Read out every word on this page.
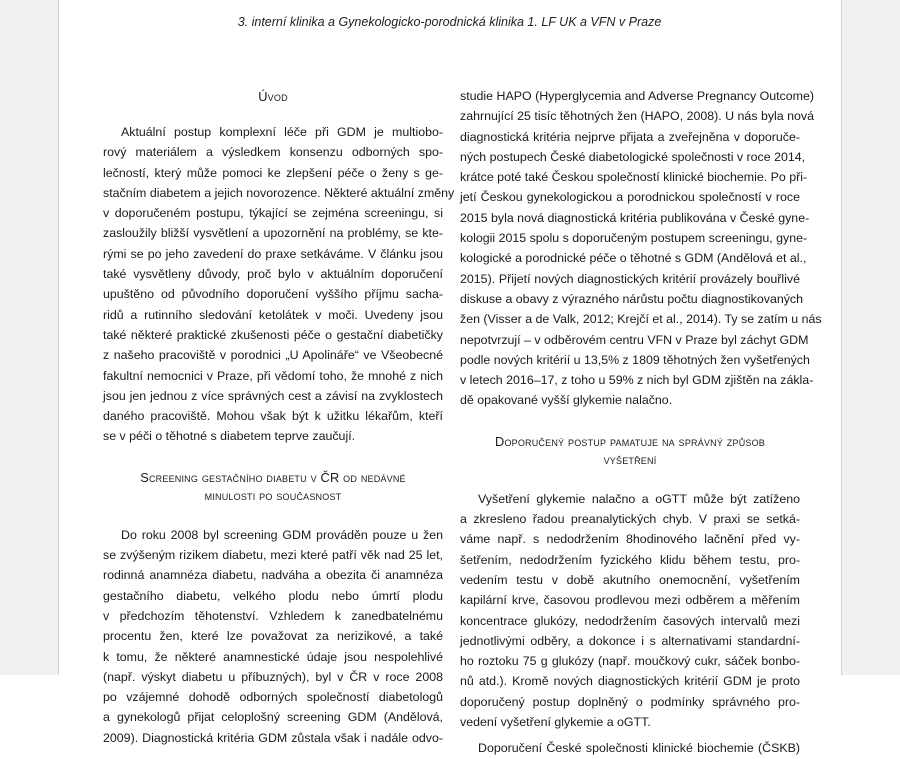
3. interní klinika a Gynekologicko-porodnická klinika 1. LF UK a VFN v Praze

Úvod

Aktuální postup komplexní léče při GDM je multiobo-
rový materiálem a výsledkem konsenzu odborných spo-
lečností, který může pomoci ke zlepšení péče o ženy s ge-
stačním diabetem a jejich novorozence. Některé aktuální změny
v doporučeném postupu, týkající se zejména screeningu, si
zasloužily bližší vysvětlení a upozornění na problémy, se kte-
rými se po jeho zavedení do praxe setkáváme. V článku jsou
také vysvětleny důvody, proč bylo v aktuálním doporučení
upuštěno od původního doporučení vyššího příjmu sacha-
ridů a rutinního sledování ketolátek v moči. Uvedeny jsou
také některé praktické zkušenosti péče o gestační diabetičky
z našeho pracoviště v porodnici „U Apolináře“ ve Všeobecné
fakultní nemocnici v Praze, při vědomí toho, že mnohé z nich
jsou jen jednou z více správných cest a závisí na zvyklostech
daného pracoviště. Mohou však být k užitku lékařům, kteří
se v péči o těhotné s diabetem teprve zaučují.

Screening gestačního diabetu v ČR od nedávné
minulosti po současnost

Do roku 2008 byl screening GDM prováděn pouze u žen
se zvýšeným rizikem diabetu, mezi které patří věk nad 25 let,
rodinná anamnéza diabetu, nadváha a obezita či anamnéza
gestačního diabetu, velkého plodu nebo úmrtí plodu
v předchozím těhotenství. Vzhledem k zanedbatelnému
procentu žen, které lze považovat za nerizikové, a také
k tomu, že některé anamnestické údaje jsou nespolehlivé
(např. výskyt diabetu u příbuzných), byl v ČR v roce 2008
po vzájemné dohodě odborných společností diabetologů
a gynekologů přijat celoplošný screening GDM (Andělová,
2009). Diagnostická kritéria GDM zůstala však i nadále odvo-
studie HAPO (Hyperglycemia and Adverse Pregnancy Outcome)
zahrnující 25 tisíc těhotných žen (HAPO, 2008). U nás byla nová
diagnostická kritéria nejprve přijata a zveřejněna v doporuče-
ných postupech České diabetologické společnosti v roce 2014,
krátce poté také Českou společností klinické biochemie. Po při-
jetí Českou gynekologickou a porodnickou společností v roce
2015 byla nová diagnostická kritéria publikována v České gyne-
kologii 2015 spolu s doporučeným postupem screeningu, gyne-
kologické a porodnické péče o těhotné s GDM (Andělová et al.,
2015). Přijetí nových diagnostických kritérií provázely bouřlivé
diskuse a obavy z výrazného nárůstu počtu diagnostikovaných
žen (Visser a de Valk, 2012; Krejčí et al., 2014). Ty se zatím u nás
nepotvrzují – v odběrovém centru VFN v Praze byl záchyt GDM
podle nových kritérií u 13,5% z 1809 těhotných žen vyšetřených
v letech 2016–17, z toho u 59% z nich byl GDM zjištěn na zákla-
dě opakované vyšší glykemie nalačno.

Doporučený postup pamatuje na správný způsob
vyšetření

Vyšetření glykemie nalačno a oGTT může být zatíženo
a zkresleno řadou preanalytických chyb. V praxi se setká-
váme např. s nedodržením 8hodinového lačnění před vy-
šetřením, nedodržením fyzického klidu během testu, pro-
vedením testu v době akutního onemocnění, vyšetřením
kapilární krve, časovou prodlevou mezi odběrem a měřením
koncentrace glukózy, nedodržením časových intervalů mezi
jednotlivými odběry, a dokonce i s alternativami standardní-
ho roztoku 75 g glukózy (např. moučkový cukr, sáček bonbo-
nů atd.). Kromě nových diagnostických kritérií GDM je proto
doporučený postup doplněný o podmínky správného pro-
vedení vyšetření glykemie a oGTT.
Doporučení České společnosti klinické biochemie (ČSKB)
